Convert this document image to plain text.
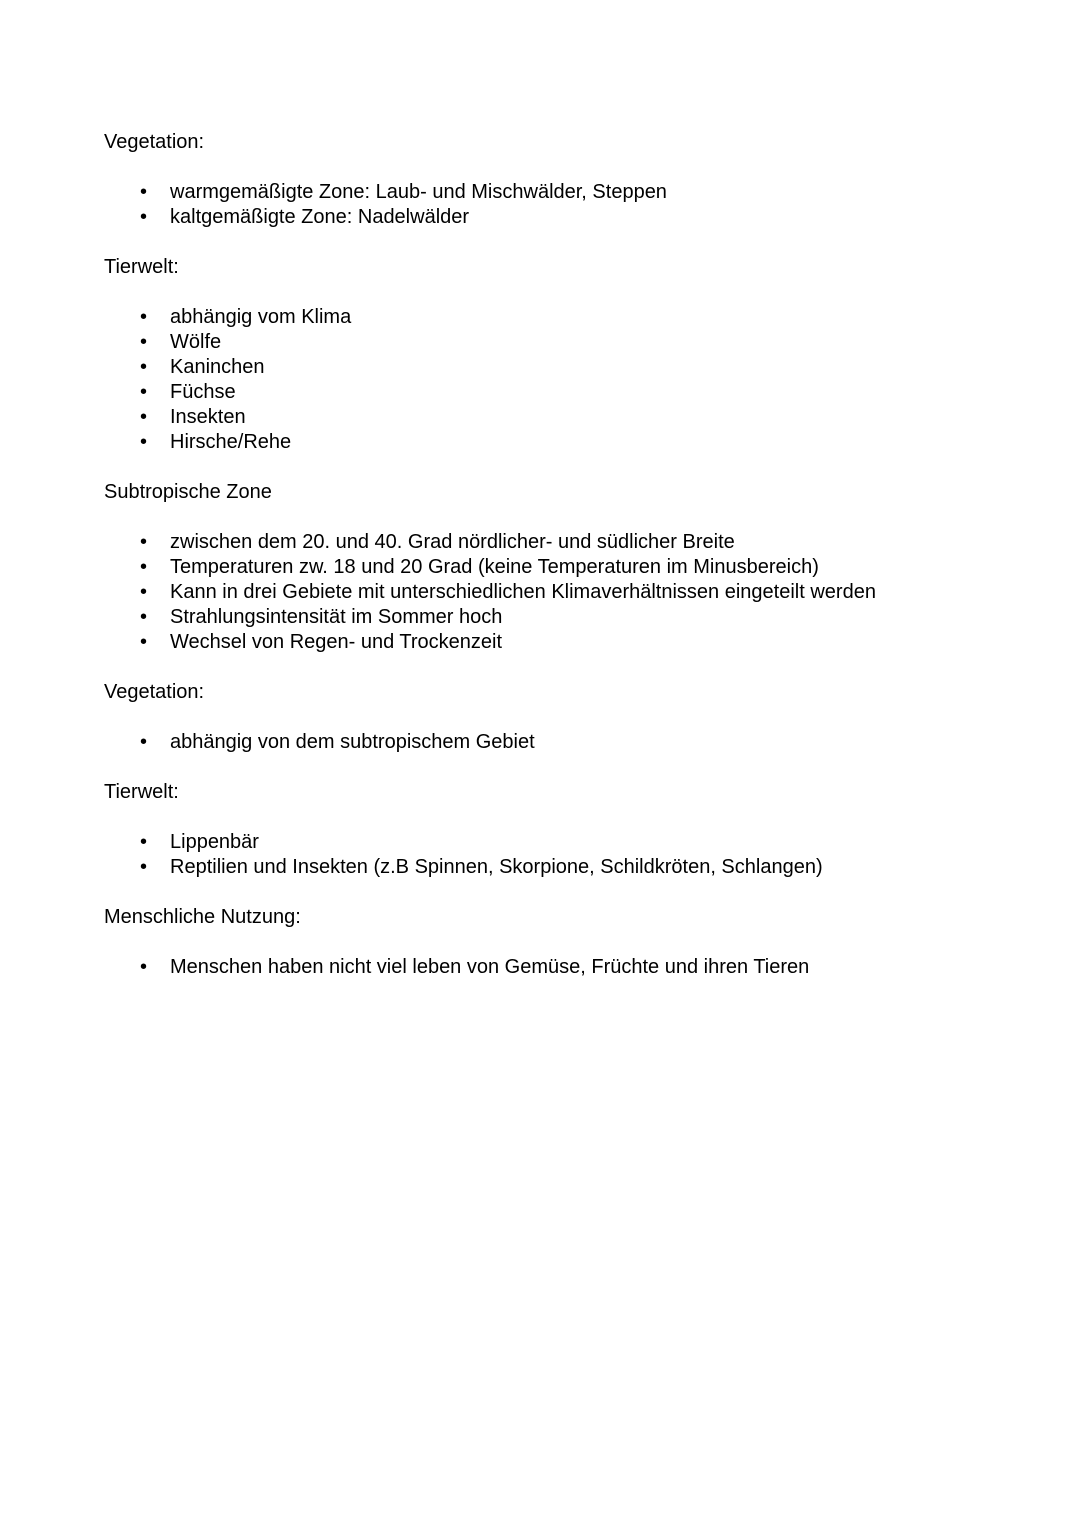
Vegetation:

•	warmgemäßigte Zone: Laub- und Mischwälder, Steppen
•	kaltgemäßigte Zone: Nadelwälder

Tierwelt:

•	abhängig vom Klima
•	Wölfe
•	Kaninchen
•	Füchse
•	Insekten
•	Hirsche/Rehe

Subtropische Zone

•	zwischen dem 20. und 40. Grad nördlicher- und südlicher Breite
•	Temperaturen zw. 18 und 20 Grad (keine Temperaturen im Minusbereich)
•	Kann in drei Gebiete mit unterschiedlichen Klimaverhältnissen eingeteilt werden
•	Strahlungsintensität im Sommer hoch
•	Wechsel von Regen- und Trockenzeit

Vegetation:

•	abhängig von dem subtropischem Gebiet

Tierwelt:

•	Lippenbär
•	Reptilien und Insekten (z.B Spinnen, Skorpione, Schildkröten, Schlangen)

Menschliche Nutzung:

•	Menschen haben nicht viel leben von Gemüse, Früchte und ihren Tieren
